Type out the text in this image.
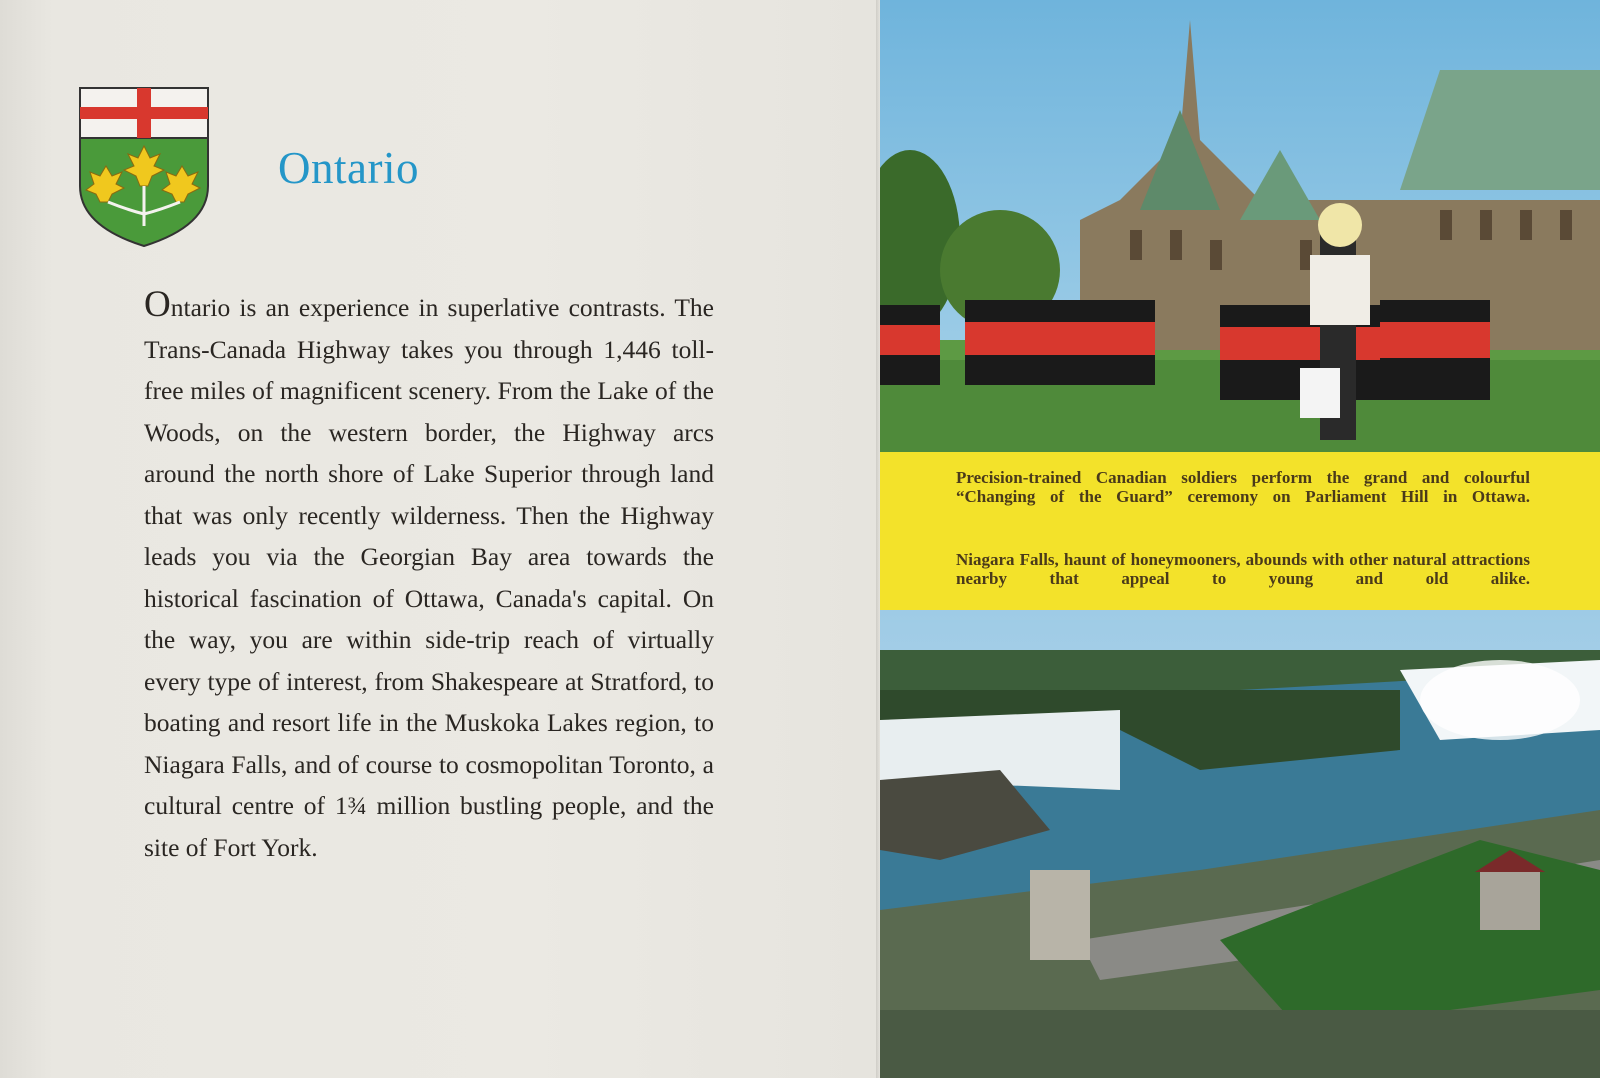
Ontario
Ontario is an experience in superlative contrasts. The Trans-Canada Highway takes you through 1,446 toll-free miles of magnificent scenery. From the Lake of the Woods, on the western border, the Highway arcs around the north shore of Lake Superior through land that was only recently wilderness. Then the Highway leads you via the Georgian Bay area towards the historical fascination of Ottawa, Canada's capital. On the way, you are within side-trip reach of virtually every type of interest, from Shakespeare at Stratford, to boating and resort life in the Muskoka Lakes region, to Niagara Falls, and of course to cosmopolitan Toronto, a cultural centre of 1¾ million bustling people, and the site of Fort York.
Precision-trained Canadian soldiers perform the grand and colourful “Changing of the Guard” ceremony on Parliament Hill in Ottawa.
Niagara Falls, haunt of honeymooners, abounds with other natural attractions nearby that appeal to young and old alike.
